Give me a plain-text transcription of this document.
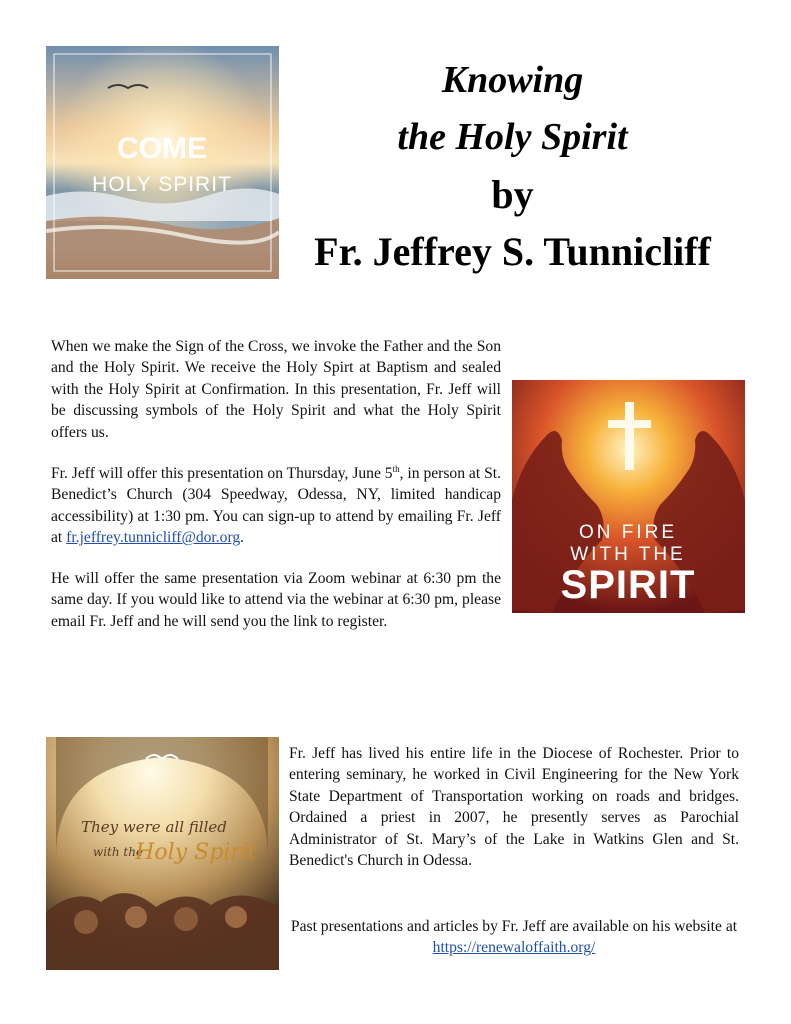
COME
HOLY SPIRIT
Knowing
the Holy Spirit
by
Fr. Jeffrey S. Tunnicliff

When we make the Sign of the Cross, we invoke the Father and the Son and the Holy Spirit. We receive the Holy Spirt at Baptism and sealed with the Holy Spirit at Confirmation. In this presentation, Fr. Jeff will be discussing symbols of the Holy Spirit and what the Holy Spirit offers us.

Fr. Jeff will offer this presentation on Thursday, June 5th, in person at St. Benedict’s Church (304 Speedway, Odessa, NY, limited handicap accessibility) at 1:30 pm. You can sign-up to attend by emailing Fr. Jeff at fr.jeffrey.tunnicliff@dor.org.

He will offer the same presentation via Zoom webinar at 6:30 pm the same day. If you would like to attend via the webinar at 6:30 pm, please email Fr. Jeff and he will send you the link to register.

ON FIRE
WITH THE
SPIRIT
They were all filled
with the
Holy Spirit

Fr. Jeff has lived his entire life in the Diocese of Rochester. Prior to entering seminary, he worked in Civil Engineering for the New York State Department of Transportation working on roads and bridges. Ordained a priest in 2007, he presently serves as Parochial Administrator of St. Mary’s of the Lake in Watkins Glen and St. Benedict's Church in Odessa.

Past presentations and articles by Fr. Jeff are available on his website at https://renewaloffaith.org/
